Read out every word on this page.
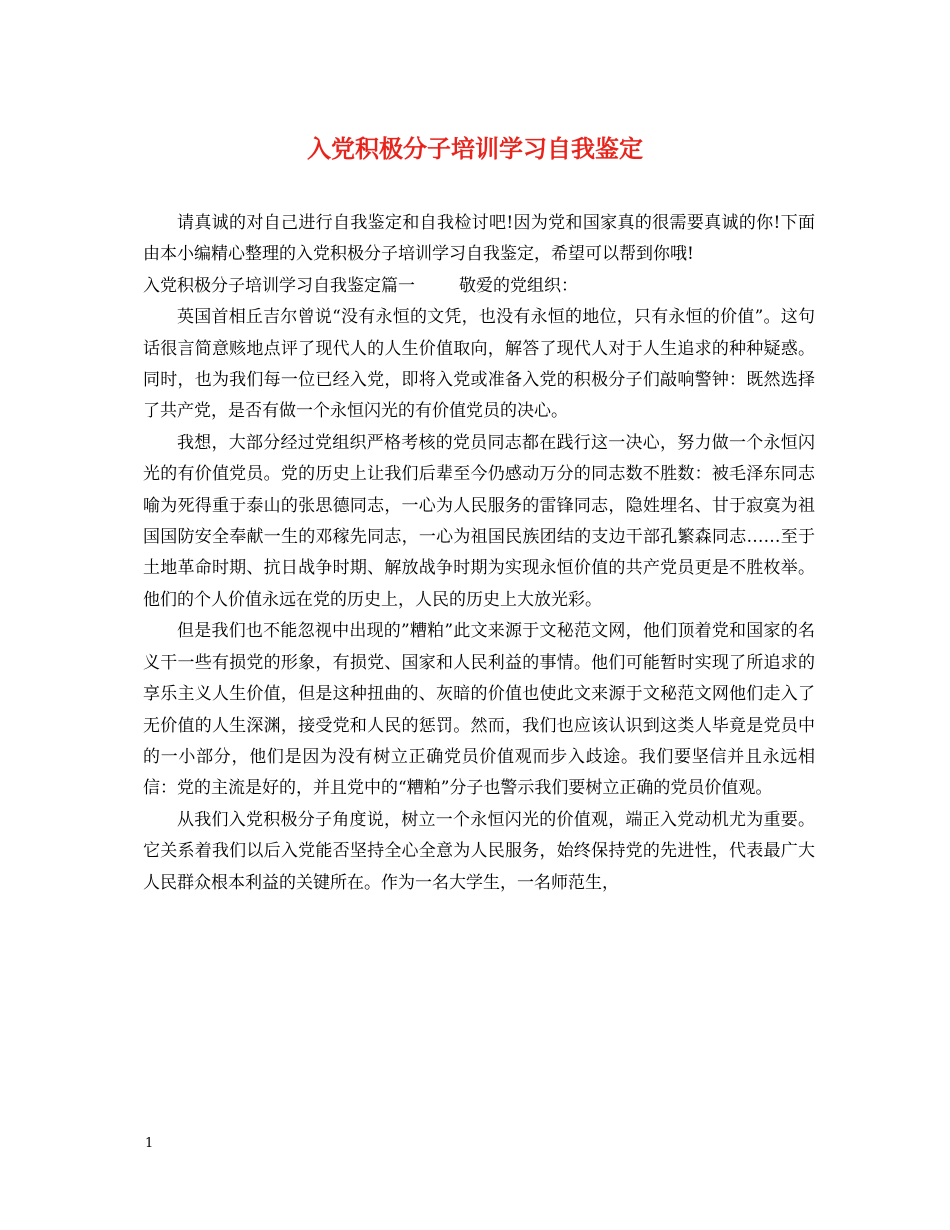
入党积极分子培训学习自我鉴定

请真诚的对自己进行自我鉴定和自我检讨吧!因为党和国家真的很需要真诚的你!下面由本小编精心整理的入党积极分子培训学习自我鉴定，希望可以帮到你哦!

入党积极分子培训学习自我鉴定篇一	敬爱的党组织：

英国首相丘吉尔曾说“没有永恒的文凭，也没有永恒的地位，只有永恒的价值”。这句话很言简意赅地点评了现代人的人生价值取向，解答了现代人对于人生追求的种种疑惑。同时，也为我们每一位已经入党，即将入党或准备入党的积极分子们敲响警钟：既然选择了共产党，是否有做一个永恒闪光的有价值党员的决心。

我想，大部分经过党组织严格考核的党员同志都在践行这一决心，努力做一个永恒闪光的有价值党员。党的历史上让我们后辈至今仍感动万分的同志数不胜数：被毛泽东同志喻为死得重于泰山的张思德同志，一心为人民服务的雷锋同志，隐姓埋名、甘于寂寞为祖国国防安全奉献一生的邓稼先同志，一心为祖国民族团结的支边干部孔繁森同志……至于土地革命时期、抗日战争时期、解放战争时期为实现永恒价值的共产党员更是不胜枚举。他们的个人价值永远在党的历史上，人民的历史上大放光彩。

但是我们也不能忽视中出现的”糟粕”此文来源于文秘范文网，他们顶着党和国家的名义干一些有损党的形象，有损党、国家和人民利益的事情。他们可能暂时实现了所追求的享乐主义人生价值，但是这种扭曲的、灰暗的价值也使此文来源于文秘范文网他们走入了无价值的人生深渊，接受党和人民的惩罚。然而，我们也应该认识到这类人毕竟是党员中的一小部分，他们是因为没有树立正确党员价值观而步入歧途。我们要坚信并且永远相信：党的主流是好的，并且党中的“糟粕”分子也警示我们要树立正确的党员价值观。

从我们入党积极分子角度说，树立一个永恒闪光的价值观，端正入党动机尤为重要。它关系着我们以后入党能否坚持全心全意为人民服务，始终保持党的先进性，代表最广大人民群众根本利益的关键所在。作为一名大学生，一名师范生，

1
